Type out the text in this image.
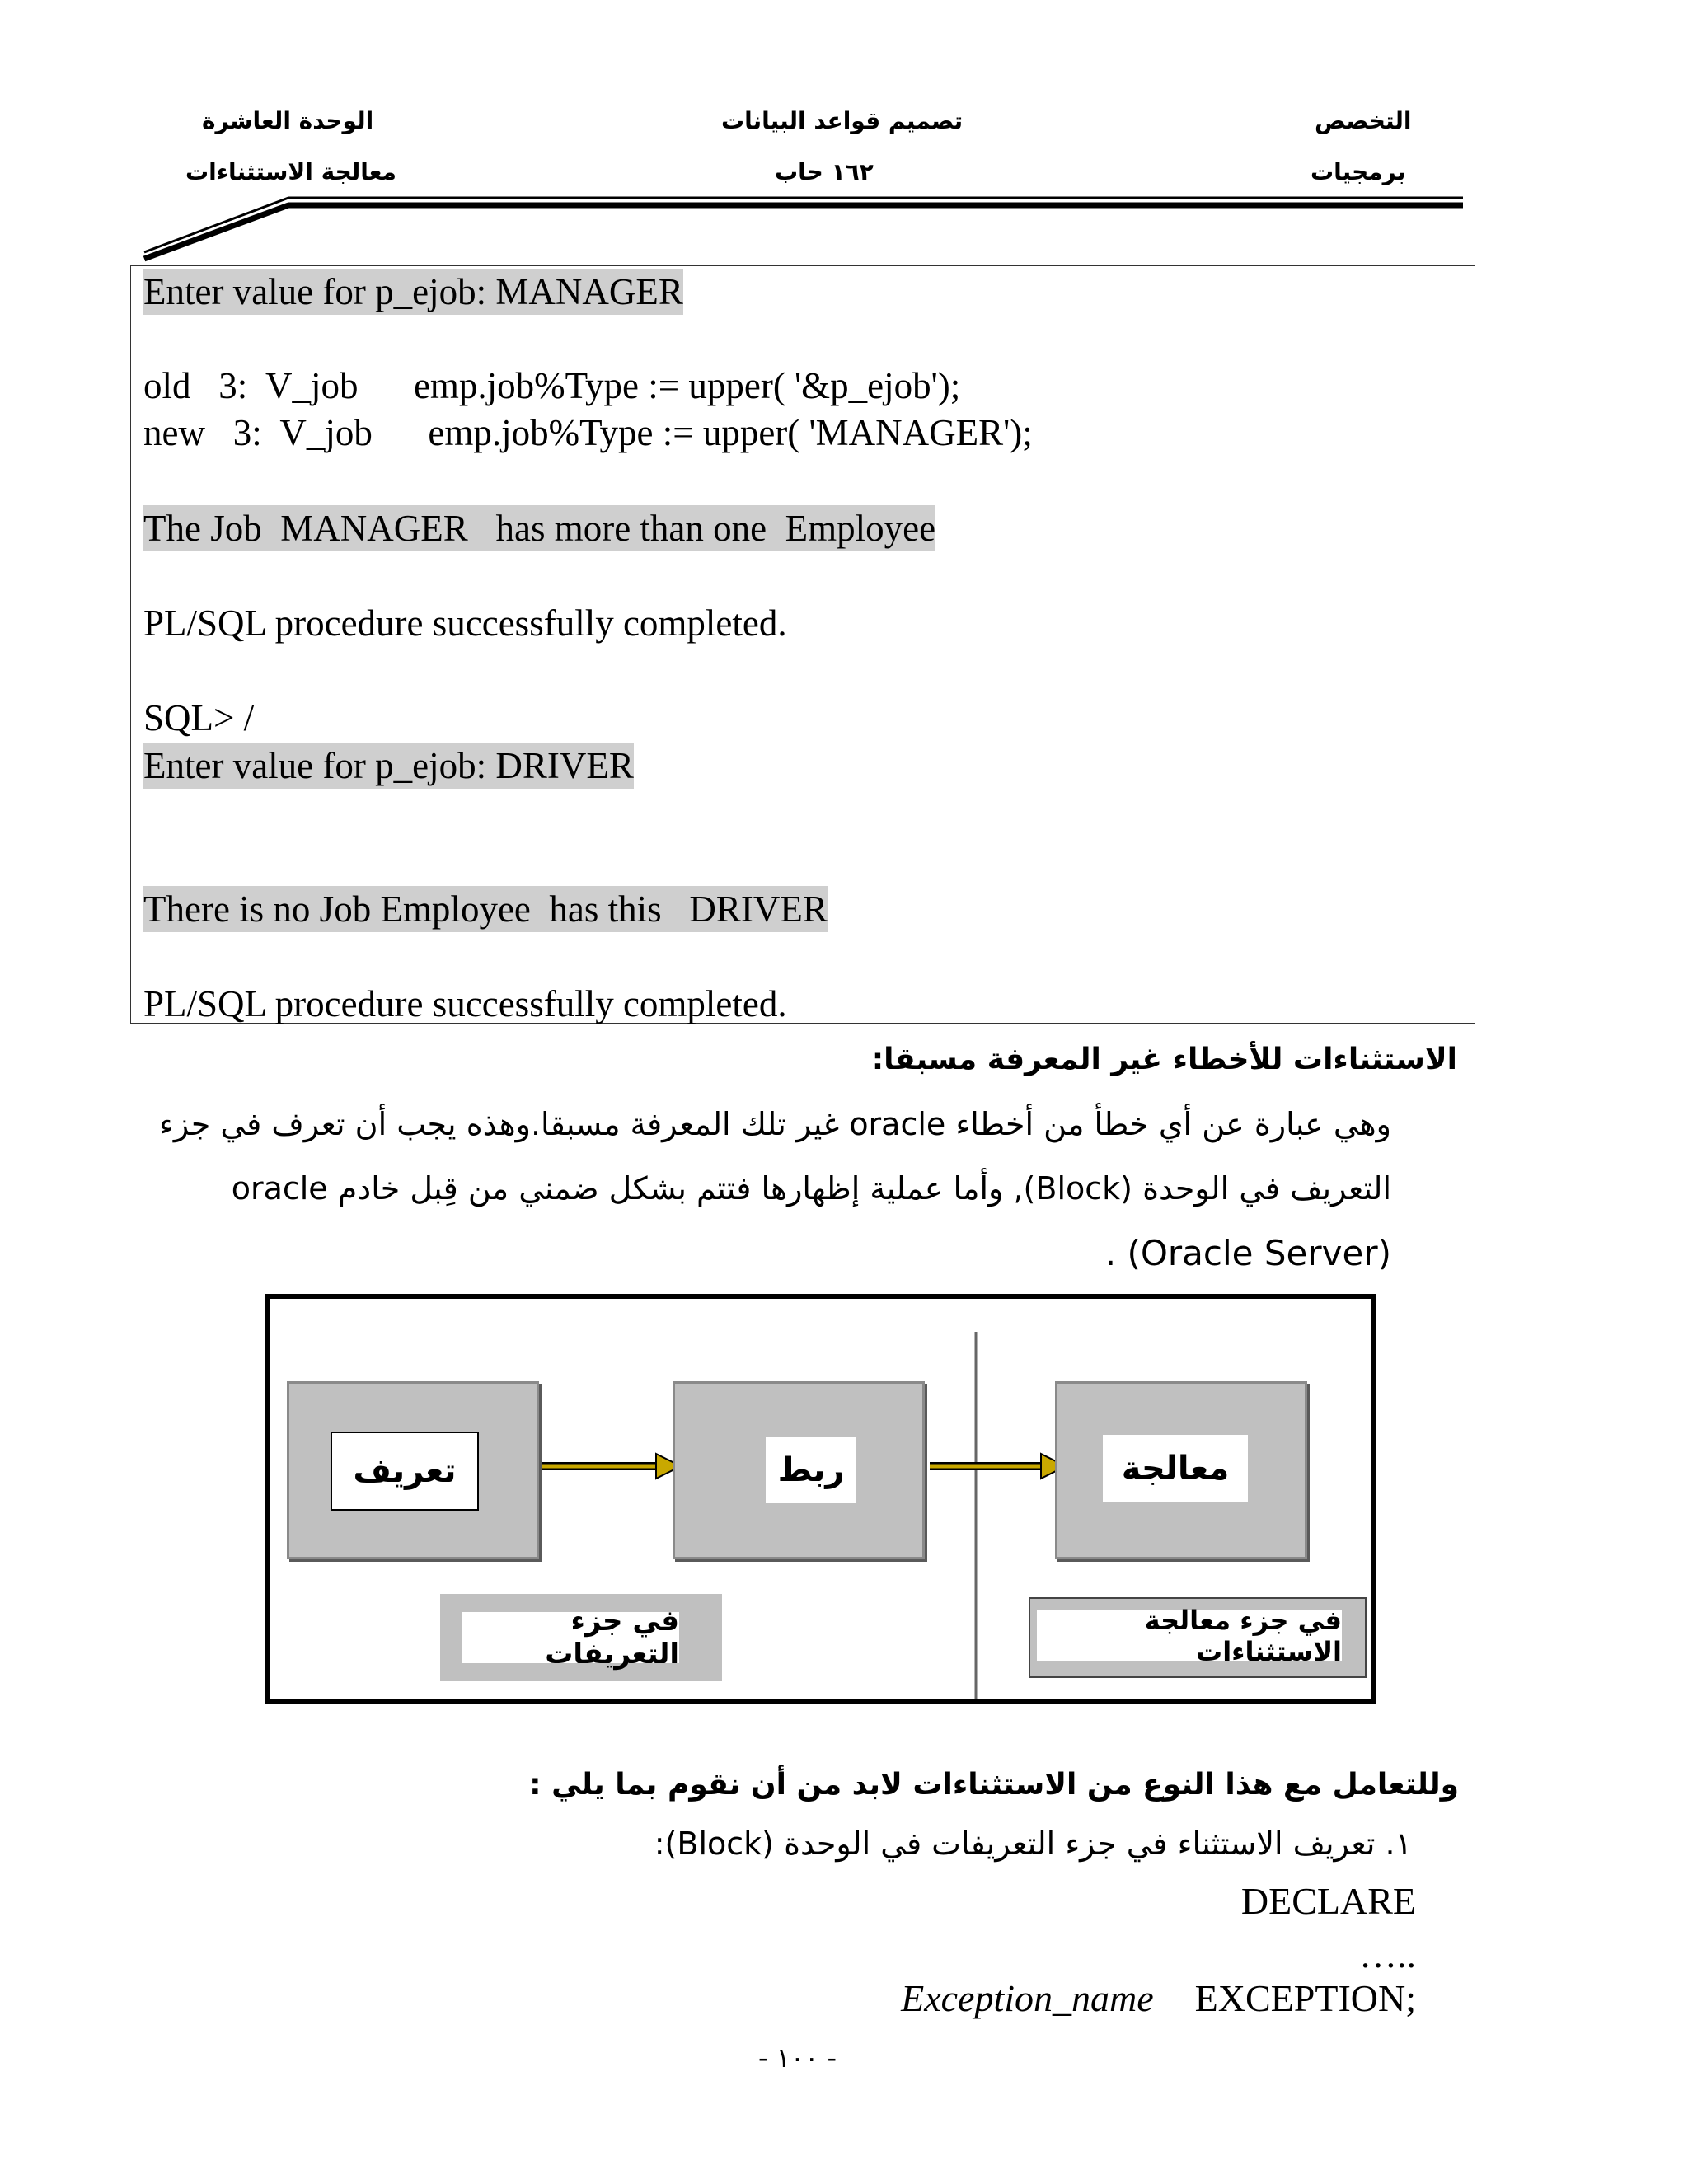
الوحدة العاشرة
معالجة الاستثناءات
تصميم قواعد البيانات
١٦٢ حاب
التخصص
برمجيات
Enter value for p_ejob: MANAGER
old   3:  V_job      emp.job%Type := upper( '&p_ejob');
new   3:  V_job      emp.job%Type := upper( 'MANAGER');
The Job  MANAGER   has more than one  Employee
PL/SQL procedure successfully completed.
SQL> /
Enter value for p_ejob: DRIVER
There is no Job Employee  has this   DRIVER
PL/SQL procedure successfully completed.
الاستثناءات للأخطاء غير المعرفة مسبقا:
وهي عبارة عن أي خطأ من أخطاء oracle غير تلك المعرفة مسبقا.وهذه يجب أن تعرف في جزء
التعريف في الوحدة (Block), وأما عملية إظهارها فتتم بشكل ضمني من قِبل خادم oracle
(Oracle Server) .
تعريف	ربط	معالجة
في جزء التعريفات
في جزء معالجة الاستثناءات
وللتعامل مع هذا النوع من الاستثناءات لابد من أن نقوم بما يلي :
١. تعريف الاستثناء في جزء التعريفات في الوحدة (Block):
DECLARE
…..
Exception_name EXCEPTION;
- ١٠٠ -
